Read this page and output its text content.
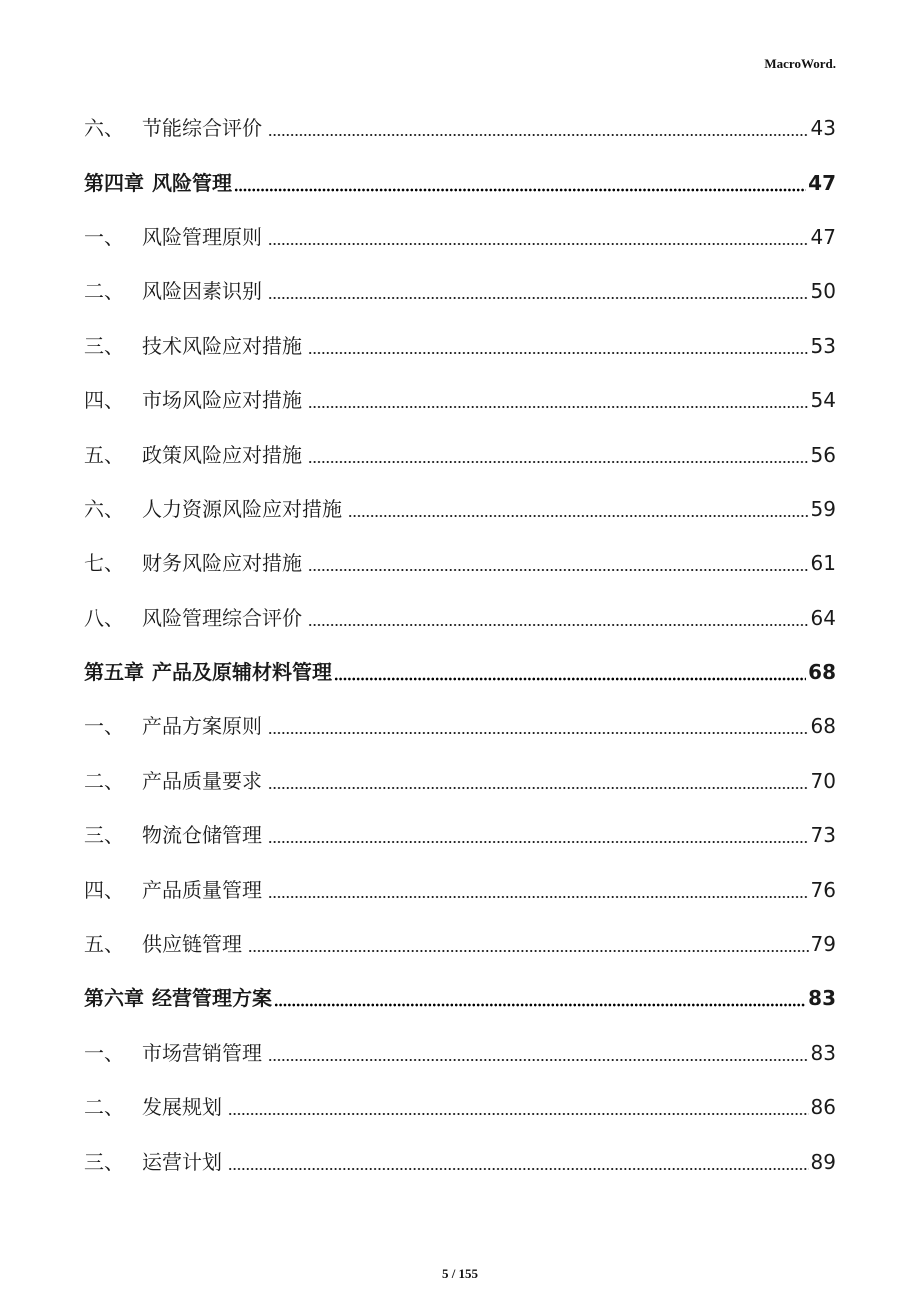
MacroWord.
六、 节能综合评价	43
第四章 风险管理	47
一、 风险管理原则	47
二、 风险因素识别	50
三、 技术风险应对措施	53
四、 市场风险应对措施	54
五、 政策风险应对措施	56
六、 人力资源风险应对措施	59
七、 财务风险应对措施	61
八、 风险管理综合评价	64
第五章 产品及原辅材料管理	68
一、 产品方案原则	68
二、 产品质量要求	70
三、 物流仓储管理	73
四、 产品质量管理	76
五、 供应链管理	79
第六章 经营管理方案	83
一、 市场营销管理	83
二、 发展规划	86
三、 运营计划	89
5 / 155
